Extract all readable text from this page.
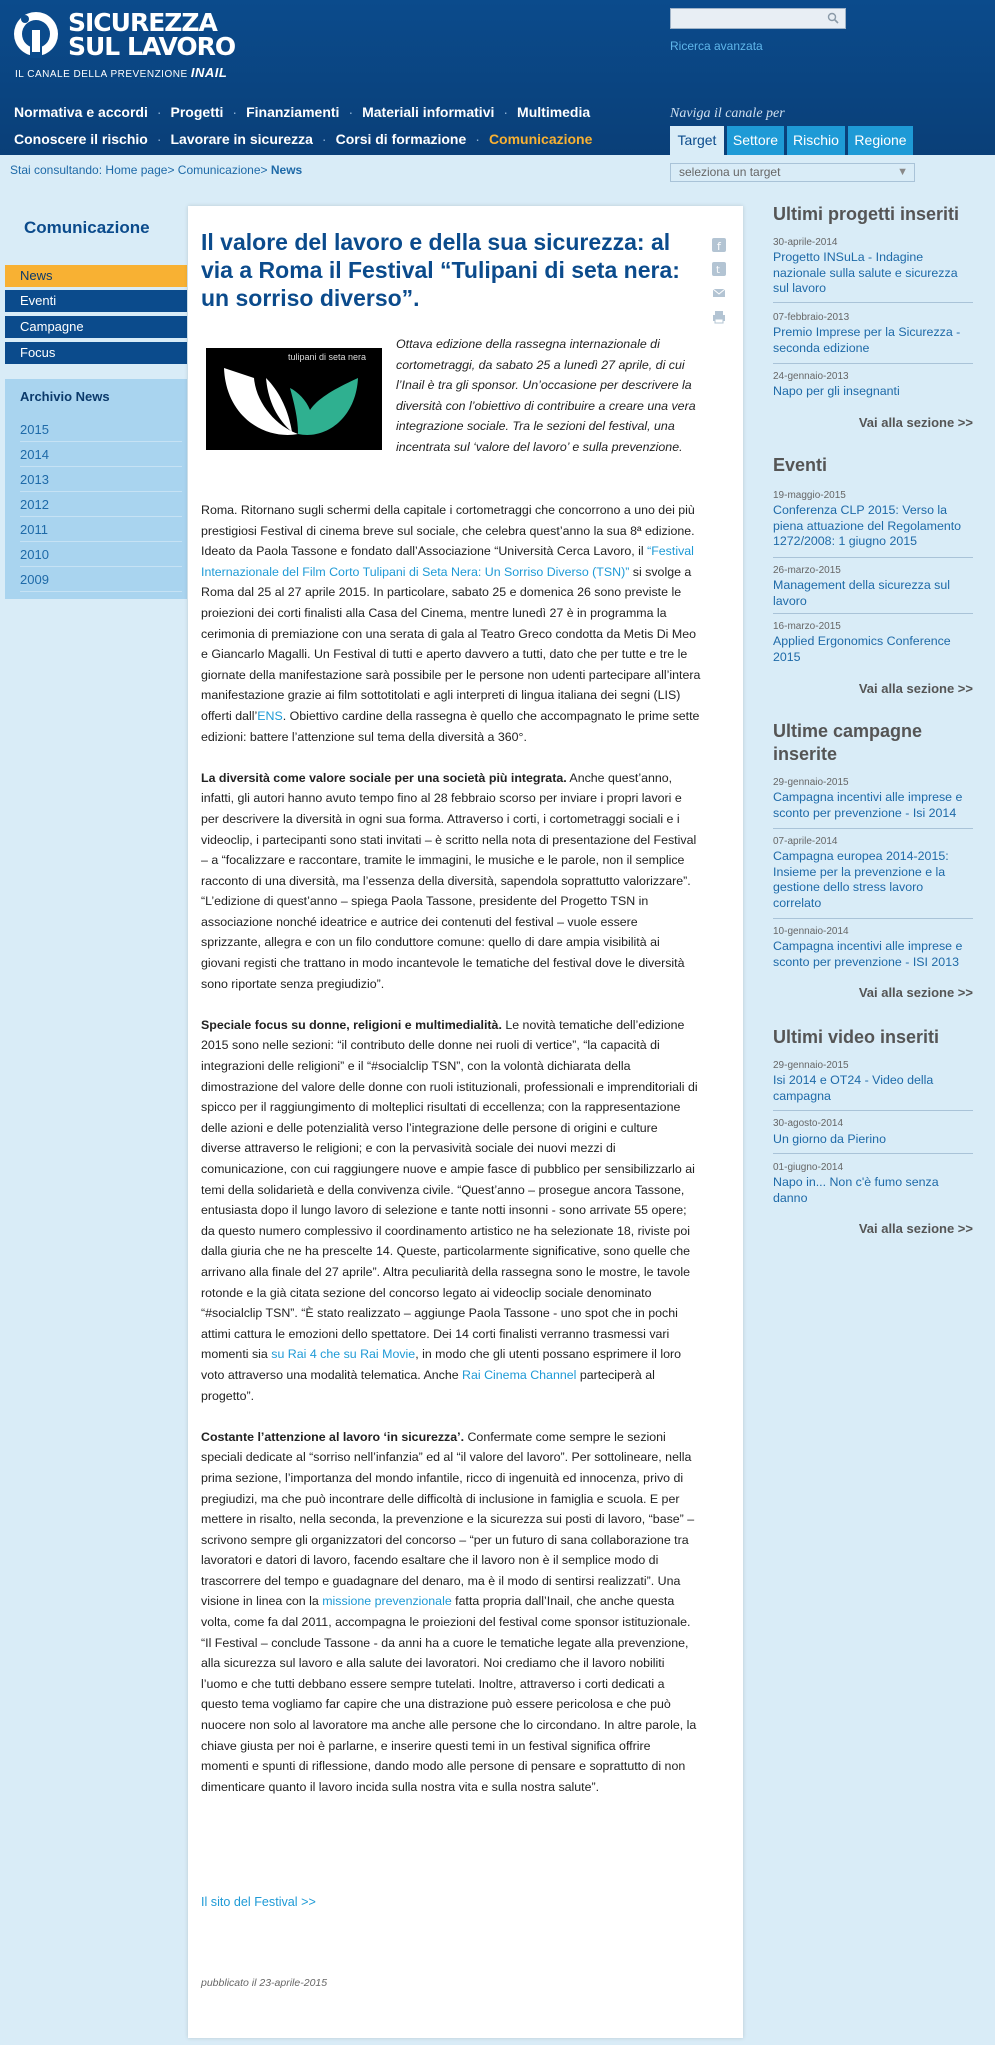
SICUREZZA
SUL LAVORO
IL CANALE DELLA PREVENZIONE INAIL
Ricerca avanzata
Normativa e accordi · Progetti · Finanziamenti · Materiali informativi · Multimedia
Conoscere il rischio · Lavorare in sicurezza · Corsi di formazione · Comunicazione
Naviga il canale per
Target	Settore	Rischio	Regione
Stai consultando: Home page> Comunicazione> News	seleziona un target	▼
Comunicazione
News
Eventi
Campagne
Focus
Archivio News
2015
2014
2013
2012
2011
2010
2009
Il valore del lavoro e della sua sicurezza: al via a Roma il Festival “Tulipani di seta nera: un sorriso diverso”.
f
t
Ottava edizione della rassegna internazionale di cortometraggi, da sabato 25 a lunedì 27 aprile, di cui l’Inail è tra gli sponsor. Un’occasione per descrivere la diversità con l’obiettivo di contribuire a creare una vera integrazione sociale. Tra le sezioni del festival, una incentrata sul ‘valore del lavoro’ e sulla prevenzione.
tulipani di seta nera

Roma. Ritornano sugli schermi della capitale i cortometraggi che concorrono a uno dei più prestigiosi Festival di cinema breve sul sociale, che celebra quest’anno la sua 8ª edizione. Ideato da Paola Tassone e fondato dall’Associazione “Università Cerca Lavoro, il “Festival Internazionale del Film Corto Tulipani di Seta Nera: Un Sorriso Diverso (TSN)” si svolge a Roma dal 25 al 27 aprile 2015. In particolare, sabato 25 e domenica 26 sono previste le proiezioni dei corti finalisti alla Casa del Cinema, mentre lunedì 27 è in programma la cerimonia di premiazione con una serata di gala al Teatro Greco condotta da Metis Di Meo e Giancarlo Magalli. Un Festival di tutti e aperto davvero a tutti, dato che per tutte e tre le giornate della manifestazione sarà possibile per le persone non udenti partecipare all’intera manifestazione grazie ai film sottotitolati e agli interpreti di lingua italiana dei segni (LIS) offerti dall’ENS. Obiettivo cardine della rassegna è quello che accompagnato le prime sette edizioni: battere l’attenzione sul tema della diversità a 360°.

La diversità come valore sociale per una società più integrata. Anche quest’anno, infatti, gli autori hanno avuto tempo fino al 28 febbraio scorso per inviare i propri lavori e per descrivere la diversità in ogni sua forma. Attraverso i corti, i cortometraggi sociali e i videoclip, i partecipanti sono stati invitati – è scritto nella nota di presentazione del Festival – a “focalizzare e raccontare, tramite le immagini, le musiche e le parole, non il semplice racconto di una diversità, ma l’essenza della diversità, sapendola soprattutto valorizzare”. “L’edizione di quest’anno – spiega Paola Tassone, presidente del Progetto TSN in associazione nonché ideatrice e autrice dei contenuti del festival – vuole essere sprizzante, allegra e con un filo conduttore comune: quello di dare ampia visibilità ai giovani registi che trattano in modo incantevole le tematiche del festival dove le diversità sono riportate senza pregiudizio”.

Speciale focus su donne, religioni e multimedialità. Le novità tematiche dell’edizione 2015 sono nelle sezioni: “il contributo delle donne nei ruoli di vertice”, “la capacità di integrazioni delle religioni” e il “#socialclip TSN”, con la volontà dichiarata della dimostrazione del valore delle donne con ruoli istituzionali, professionali e imprenditoriali di spicco per il raggiungimento di molteplici risultati di eccellenza; con la rappresentazione delle azioni e delle potenzialità verso l’integrazione delle persone di origini e culture diverse attraverso le religioni; e con la pervasività sociale dei nuovi mezzi di comunicazione, con cui raggiungere nuove e ampie fasce di pubblico per sensibilizzarlo ai temi della solidarietà e della convivenza civile. “Quest’anno – prosegue ancora Tassone, entusiasta dopo il lungo lavoro di selezione e tante notti insonni - sono arrivate 55 opere; da questo numero complessivo il coordinamento artistico ne ha selezionate 18, riviste poi dalla giuria che ne ha prescelte 14. Queste, particolarmente significative, sono quelle che arrivano alla finale del 27 aprile”. Altra peculiarità della rassegna sono le mostre, le tavole rotonde e la già citata sezione del concorso legato ai videoclip sociale denominato “#socialclip TSN”. “È stato realizzato – aggiunge Paola Tassone - uno spot che in pochi attimi cattura le emozioni dello spettatore. Dei 14 corti finalisti verranno trasmessi vari momenti sia su Rai 4 che su Rai Movie, in modo che gli utenti possano esprimere il loro voto attraverso una modalità telematica. Anche Rai Cinema Channel parteciperà al progetto”.

Costante l’attenzione al lavoro ‘in sicurezza’. Confermate come sempre le sezioni speciali dedicate al “sorriso nell’infanzia” ed al “il valore del lavoro”. Per sottolineare, nella prima sezione, l’importanza del mondo infantile, ricco di ingenuità ed innocenza, privo di pregiudizi, ma che può incontrare delle difficoltà di inclusione in famiglia e scuola. E per mettere in risalto, nella seconda, la prevenzione e la sicurezza sui posti di lavoro, “base” – scrivono sempre gli organizzatori del concorso – “per un futuro di sana collaborazione tra lavoratori e datori di lavoro, facendo esaltare che il lavoro non è il semplice modo di trascorrere del tempo e guadagnare del denaro, ma è il modo di sentirsi realizzati”. Una visione in linea con la missione prevenzionale fatta propria dall’Inail, che anche questa volta, come fa dal 2011, accompagna le proiezioni del festival come sponsor istituzionale. “Il Festival – conclude Tassone - da anni ha a cuore le tematiche legate alla prevenzione, alla sicurezza sul lavoro e alla salute dei lavoratori. Noi crediamo che il lavoro nobiliti l’uomo e che tutti debbano essere sempre tutelati. Inoltre, attraverso i corti dedicati a questo tema vogliamo far capire che una distrazione può essere pericolosa e che può nuocere non solo al lavoratore ma anche alle persone che lo circondano. In altre parole, la chiave giusta per noi è parlarne, e inserire questi temi in un festival significa offrire momenti e spunti di riflessione, dando modo alle persone di pensare e soprattutto di non dimenticare quanto il lavoro incida sulla nostra vita e sulla nostra salute”.

Il sito del Festival >>
pubblicato il 23-aprile-2015
Ultimi progetti inseriti
30-aprile-2014
Progetto INSuLa - Indagine nazionale sulla salute e sicurezza sul lavoro
07-febbraio-2013
Premio Imprese per la Sicurezza - seconda edizione
24-gennaio-2013
Napo per gli insegnanti
Vai alla sezione >>
Eventi
19-maggio-2015
Conferenza CLP 2015: Verso la piena attuazione del Regolamento 1272/2008: 1 giugno 2015
26-marzo-2015
Management della sicurezza sul lavoro
16-marzo-2015
Applied Ergonomics Conference 2015
Vai alla sezione >>
Ultime campagne inserite
29-gennaio-2015
Campagna incentivi alle imprese e sconto per prevenzione - Isi 2014
07-aprile-2014
Campagna europea 2014-2015: Insieme per la prevenzione e la gestione dello stress lavoro correlato
10-gennaio-2014
Campagna incentivi alle imprese e sconto per prevenzione - ISI 2013
Vai alla sezione >>
Ultimi video inseriti
29-gennaio-2015
Isi 2014 e OT24 - Video della campagna
30-agosto-2014
Un giorno da Pierino
01-giugno-2014
Napo in... Non c'è fumo senza danno
Vai alla sezione >>
